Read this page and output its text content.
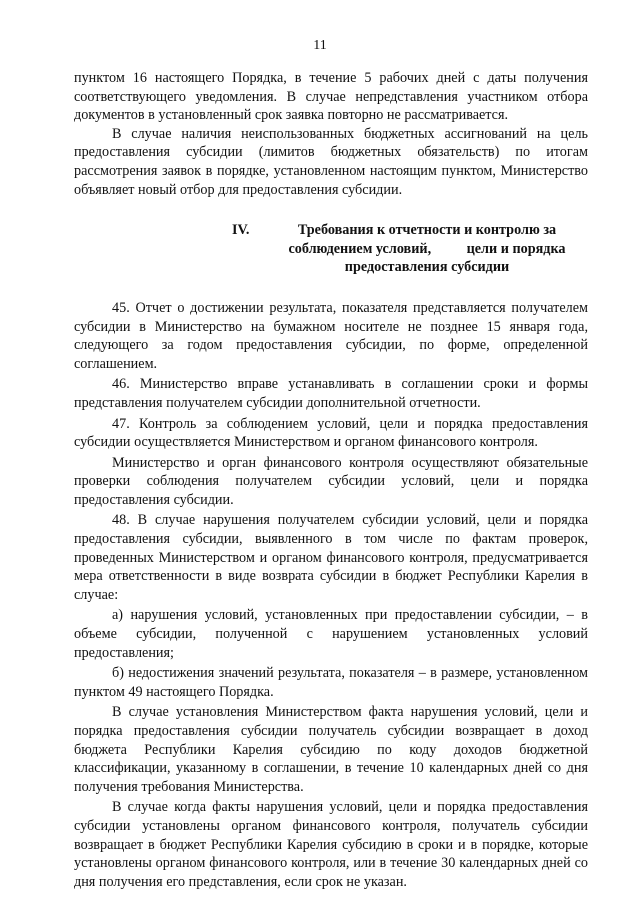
11

пунктом 16 настоящего Порядка, в течение 5 рабочих дней с даты получения соответствующего уведомления. В случае непредставления участником отбора документов в установленный срок заявка повторно не рассматривается.

В случае наличия неиспользованных бюджетных ассигнований на цель предоставления субсидии (лимитов бюджетных обязательств) по итогам рассмотрения заявок в порядке, установленном настоящим пунктом, Министерство объявляет новый отбор для предоставления субсидии.

IV.	Требования к отчетности и контролю за
соблюдением условий,          цели и порядка
предоставления субсидии

45. Отчет о достижении результата, показателя представляется получателем субсидии в Министерство на бумажном носителе не позднее 15 января года, следующего за годом предоставления субсидии, по форме, определенной соглашением.

46. Министерство вправе устанавливать в соглашении сроки и формы представления получателем субсидии дополнительной отчетности.

47. Контроль за соблюдением условий, цели и порядка предоставления субсидии осуществляется Министерством и органом финансового контроля.

Министерство и орган финансового контроля осуществляют обязательные проверки соблюдения получателем субсидии условий, цели и порядка предоставления субсидии.

48. В случае нарушения получателем субсидии условий, цели и порядка предоставления субсидии, выявленного в том числе по фактам проверок, проведенных Министерством и органом финансового контроля, предусматривается мера ответственности в виде возврата субсидии в бюджет Республики Карелия в случае:

а) нарушения условий, установленных при предоставлении субсидии, – в объеме субсидии, полученной с нарушением установленных условий предоставления;

б) недостижения значений результата, показателя – в размере, установленном пунктом 49 настоящего Порядка.

В случае установления Министерством факта нарушения условий, цели и порядка предоставления субсидии получатель субсидии возвращает в доход бюджета Республики Карелия субсидию по коду доходов бюджетной классификации, указанному в соглашении, в течение 10 календарных дней со дня получения требования Министерства.

В случае когда факты нарушения условий, цели и порядка предоставления субсидии установлены органом финансового контроля, получатель субсидии возвращает в бюджет Республики Карелия субсидию в сроки и в порядке, которые установлены органом финансового контроля, или в течение 30 календарных дней со дня получения его представления, если срок не указан.
